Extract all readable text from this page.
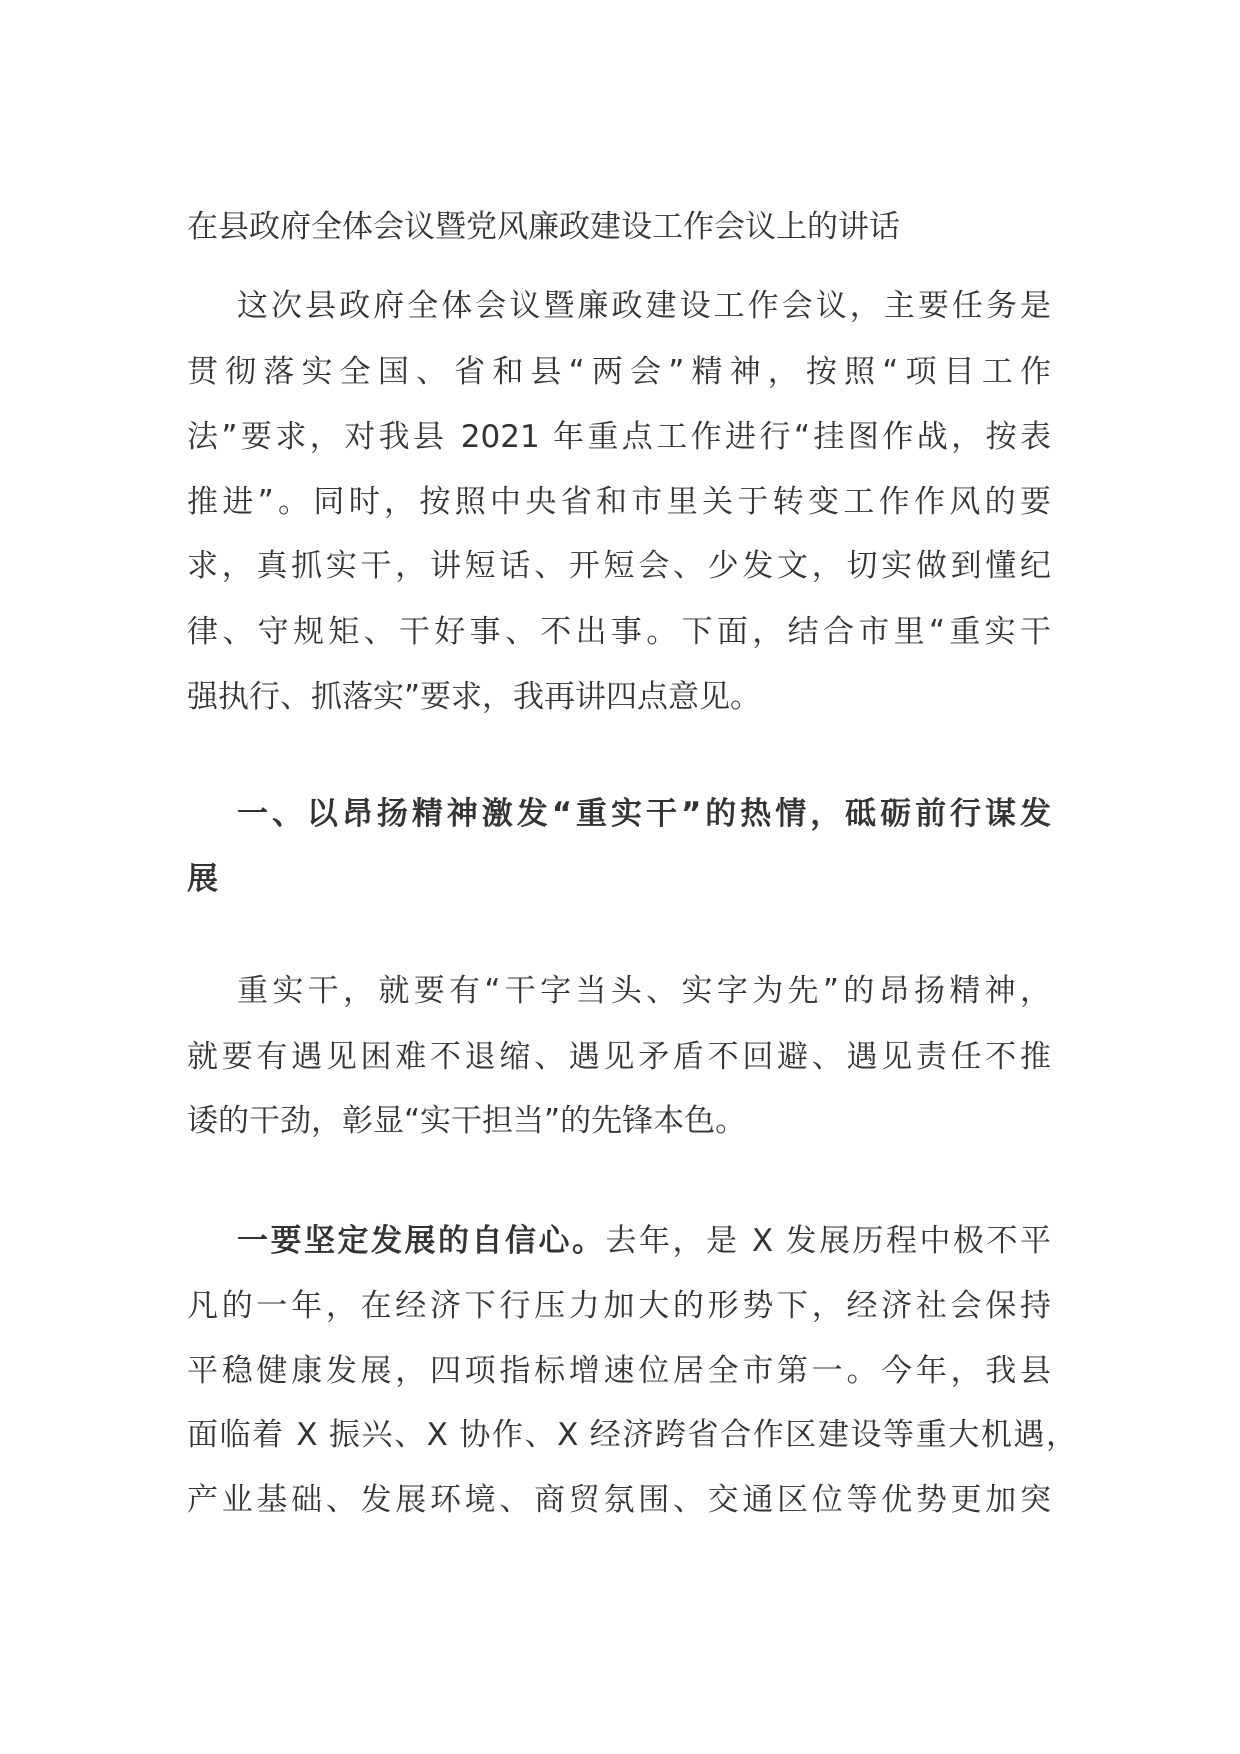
在县政府全体会议暨党风廉政建设工作会议上的讲话
这次县政府全体会议暨廉政建设工作会议，主要任务是
贯彻落实全国、省和县“两会”精神，按照“项目工作
法”要求，对我县 2021 年重点工作进行“挂图作战，按表
推进”。同时，按照中央省和市里关于转变工作作风的要
求，真抓实干，讲短话、开短会、少发文，切实做到懂纪
律、守规矩、干好事、不出事。下面，结合市里“重实干
强执行、抓落实”要求，我再讲四点意见。
一、以昂扬精神激发“重实干”的热情，砥砺前行谋发
展
重实干，就要有“干字当头、实字为先”的昂扬精神，
就要有遇见困难不退缩、遇见矛盾不回避、遇见责任不推
诿的干劲，彰显“实干担当”的先锋本色。
一要坚定发展的自信心。去年，是 X 发展历程中极不平
凡的一年，在经济下行压力加大的形势下，经济社会保持
平稳健康发展，四项指标增速位居全市第一。今年，我县
面临着 X 振兴、X 协作、X 经济跨省合作区建设等重大机遇，
产业基础、发展环境、商贸氛围、交通区位等优势更加突
